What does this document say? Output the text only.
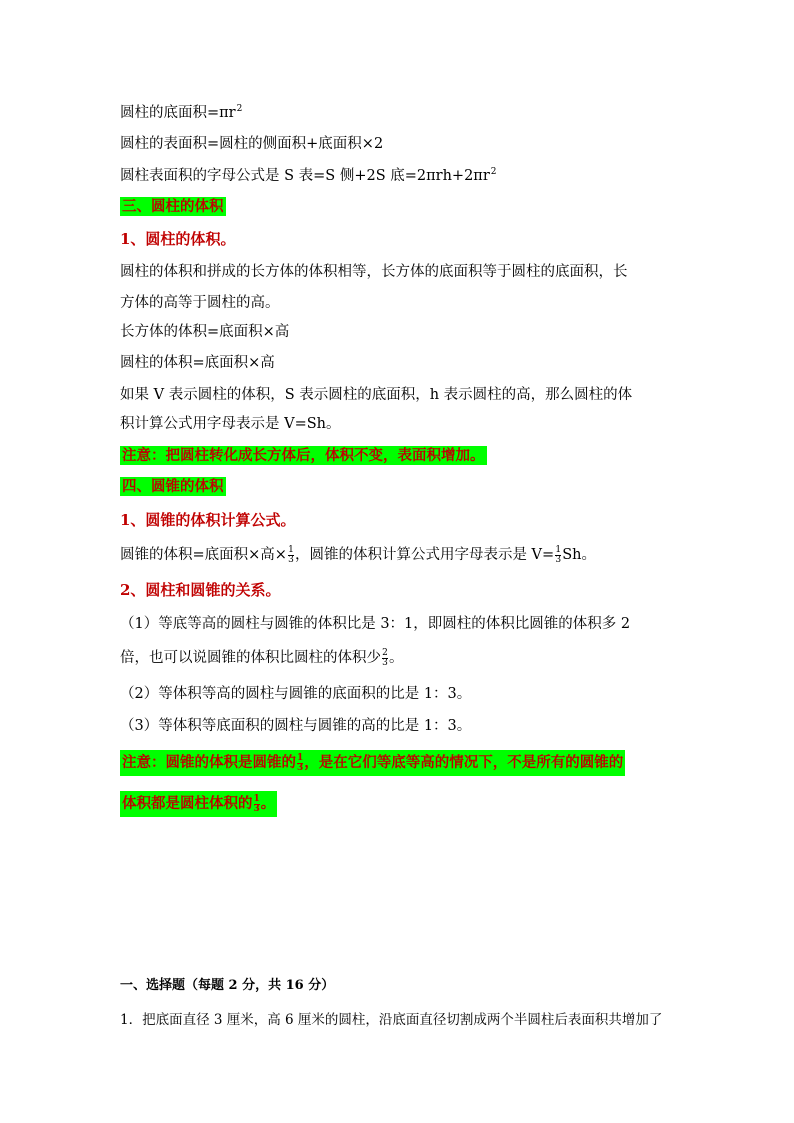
圆柱的底面积$=\pi r^2$
圆柱的表面积=圆柱的侧面积+底面积×2
圆柱表面积的字母公式是 S 表=S 侧+2S 底$=2\pi rh+2\pi r^2$
三、圆柱的体积
1、圆柱的体积。
圆柱的体积和拼成的长方体的体积相等，长方体的底面积等于圆柱的底面积，长
方体的高等于圆柱的高。
长方体的体积=底面积×高
圆柱的体积=底面积×高
如果 V 表示圆柱的体积，S 表示圆柱的底面积，h 表示圆柱的高，那么圆柱的体
积计算公式用字母表示是 V=Sh。
注意：把圆柱转化成长方体后，体积不变，表面积增加。
四、圆锥的体积
1、圆锥的体积计算公式。
圆锥的体积=底面积×高× $\frac{1}{3}$ ，圆锥的体积计算公式用字母表示是 $V= \frac{1}{3}$ Sh。
2、圆柱和圆锥的关系。
（1）等底等高的圆柱与圆锥的体积比是 3：1，即圆柱的体积比圆锥的体积多 2
倍，也可以说圆锥的体积比圆柱的体积少 $\frac{2}{3}$ 。
（2）等体积等高的圆柱与圆锥的底面积的比是 1：3。
（3）等体积等底面积的圆柱与圆锥的高的比是 1：3。
注意：圆锥的体积是圆锥的 $\frac{1}{3}$ ，是在它们等底等高的情况下，不是所有的圆锥的
体积都是圆柱体积的 $\frac{1}{3}$ 。
一、选择题（每题 2 分，共 16 分）
1．把底面直径 3 厘米，高 6 厘米的圆柱，沿底面直径切割成两个半圆柱后表面积共增加了
